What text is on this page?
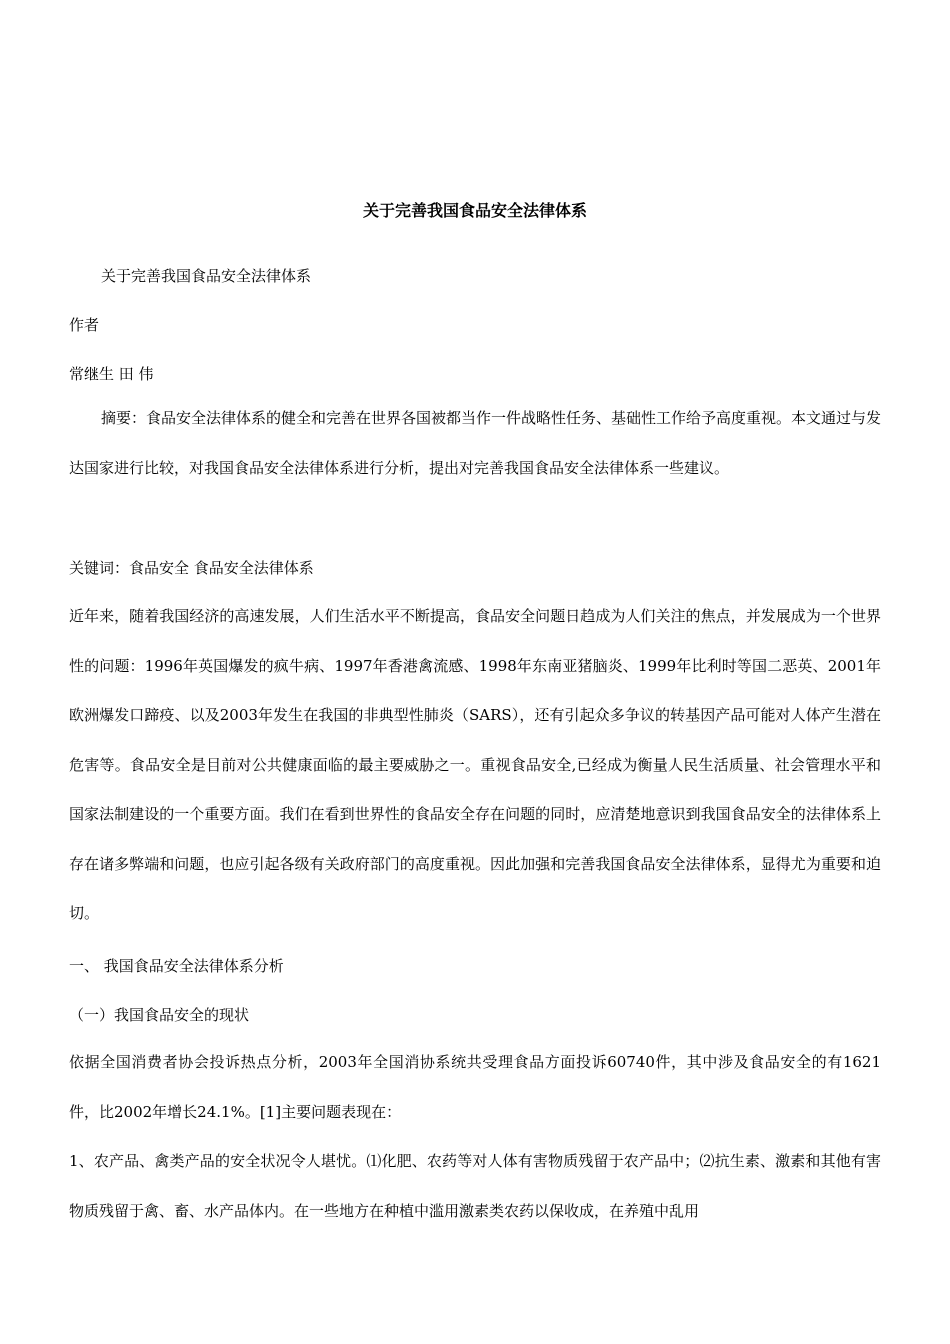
关于完善我国食品安全法律体系
关于完善我国食品安全法律体系
作者
常继生 田 伟
摘要：食品安全法律体系的健全和完善在世界各国被都当作一件战略性任务、基础性工作给予高度重视。本文通过与发达国家进行比较，对我国食品安全法律体系进行分析，提出对完善我国食品安全法律体系一些建议。
关键词：食品安全 食品安全法律体系
近年来，随着我国经济的高速发展，人们生活水平不断提高，食品安全问题日趋成为人们关注的焦点，并发展成为一个世界性的问题：1996年英国爆发的疯牛病、1997年香港禽流感、1998年东南亚猪脑炎、1999年比利时等国二恶英、2001年欧洲爆发口蹄疫、以及2003年发生在我国的非典型性肺炎（SARS），还有引起众多争议的转基因产品可能对人体产生潜在危害等。食品安全是目前对公共健康面临的最主要威胁之一。重视食品安全,已经成为衡量人民生活质量、社会管理水平和国家法制建设的一个重要方面。我们在看到世界性的食品安全存在问题的同时，应清楚地意识到我国食品安全的法律体系上存在诸多弊端和问题，也应引起各级有关政府部门的高度重视。因此加强和完善我国食品安全法律体系，显得尤为重要和迫切。
一、 我国食品安全法律体系分析
（一）我国食品安全的现状
依据全国消费者协会投诉热点分析，2003年全国消协系统共受理食品方面投诉60740件，其中涉及食品安全的有1621件，比2002年增长24.1%。[1]主要问题表现在：
1、农产品、禽类产品的安全状况令人堪忧。⑴化肥、农药等对人体有害物质残留于农产品中；⑵抗生素、激素和其他有害物质残留于禽、畜、水产品体内。在一些地方在种植中滥用激素类农药以保收成，在养殖中乱用
